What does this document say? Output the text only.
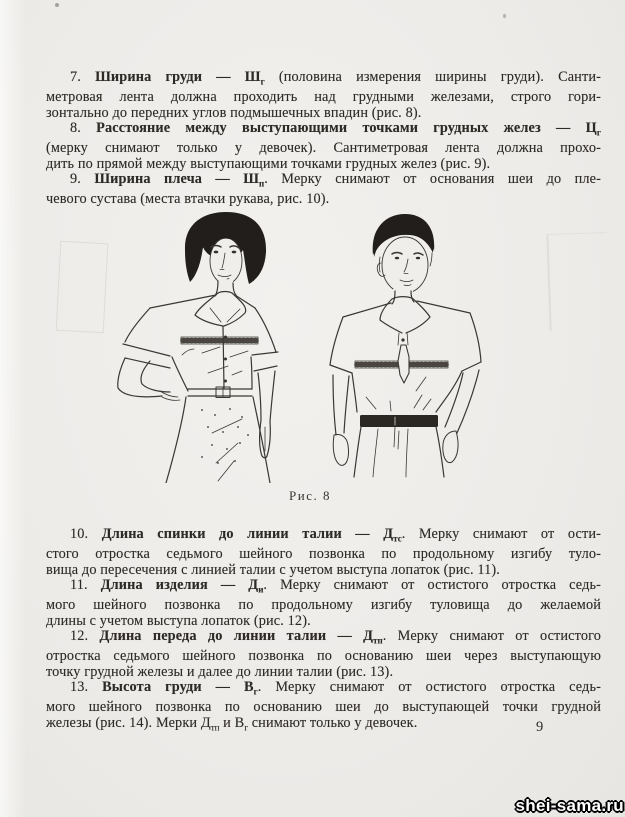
7. Ширина груди — $Ш_г$ (половина измерения ширины груди). Санти-
метровая лента должна проходить над грудными железами, строго гори-
зонтально до передних углов подмышечных впадин (рис. 8).
8. Расстояние между выступающими точками грудных желез — $Ц_г$
(мерку снимают только у девочек). Сантиметровая лента должна прохо-
дить по прямой между выступающими точками грудных желез (рис. 9).
9. Ширина плеча — $Ш_п$. Мерку снимают от основания шеи до пле-
чевого сустава (места втачки рукава, рис. 10).
Рис. 8
10. Длина спинки до линии талии — $Д_{тс}$. Мерку снимают от ости-
стого отростка седьмого шейного позвонка по продольному изгибу туло-
вища до пересечения с линией талии с учетом выступа лопаток (рис. 11).
11. Длина изделия — $Д_и$. Мерку снимают от остистого отростка седь-
мого шейного позвонка по продольному изгибу туловища до желаемой
длины с учетом выступа лопаток (рис. 12).
12. Длина переда до линии талии — $Д_{тп}$. Мерку снимают от остистого
отростка седьмого шейного позвонка по основанию шеи через выступающую
точку грудной железы и далее до линии талии (рис. 13).
13. Высота груди — $В_г$. Мерку снимают от остистого отростка седь-
мого шейного позвонка по основанию шеи до выступающей точки грудной
железы (рис. 14). Мерки $Д_{тп}$ и $В_г$ снимают только у девочек.	9
shei-sama.ru
